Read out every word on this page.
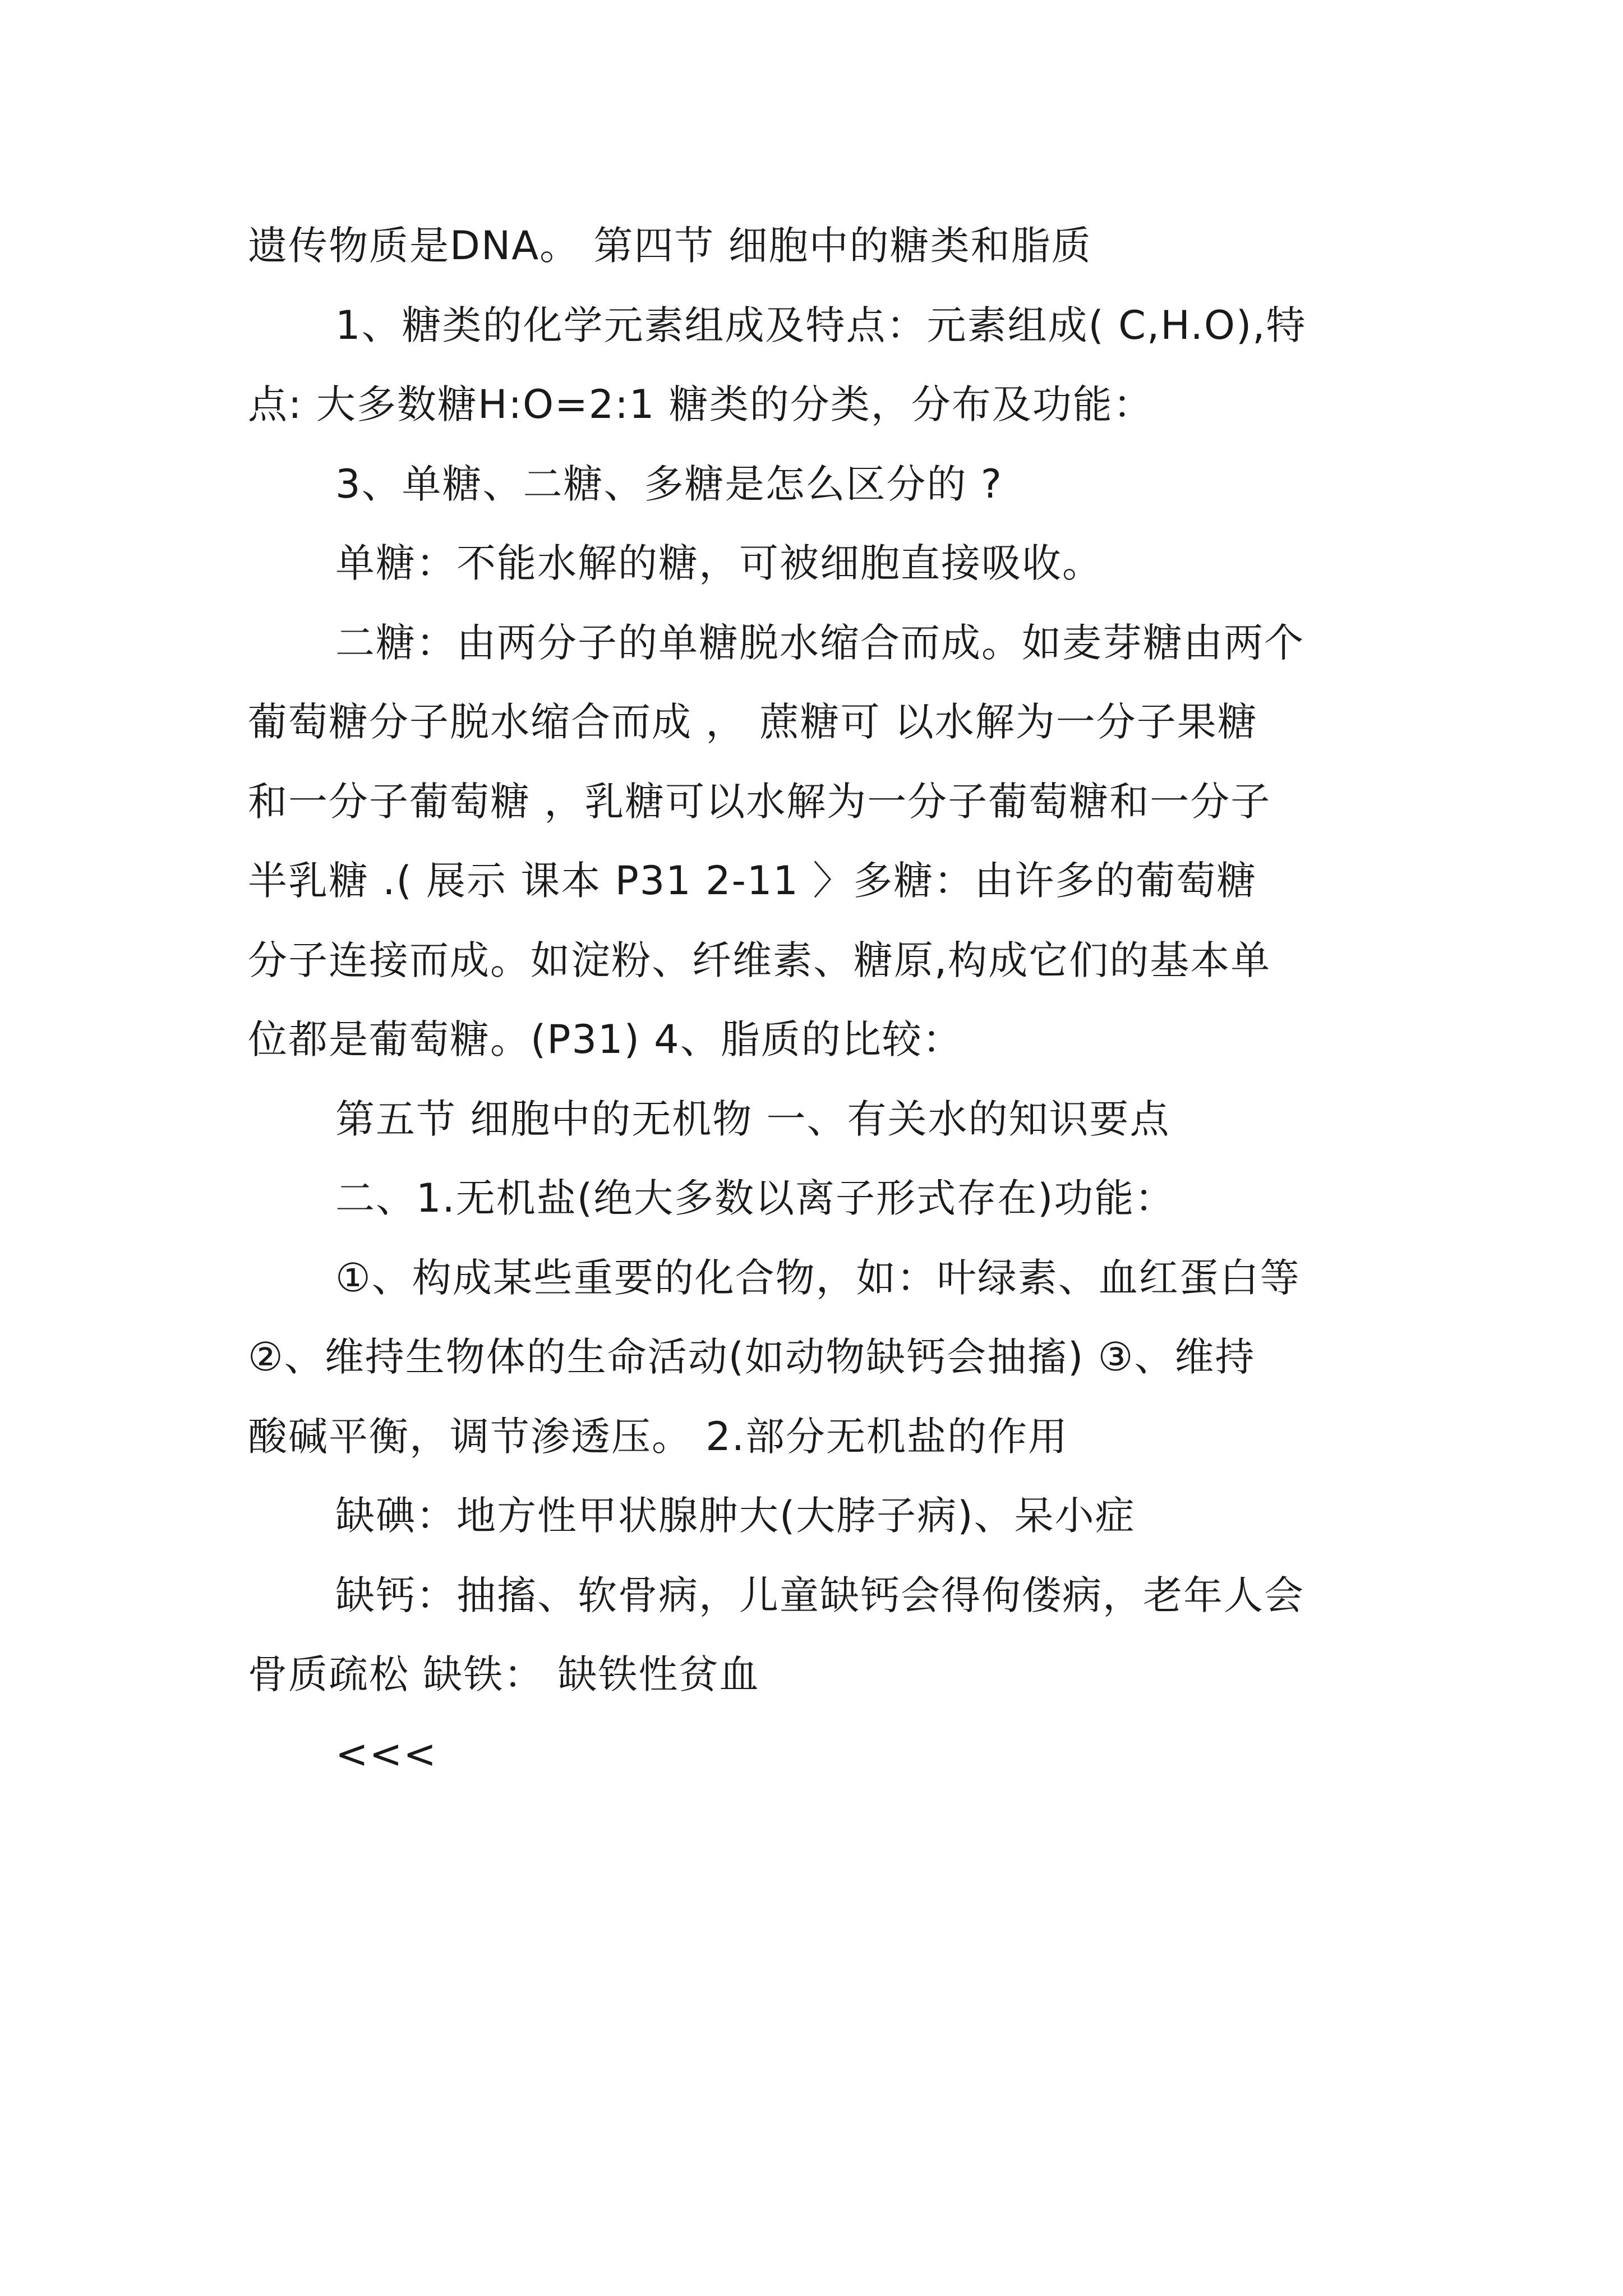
遗传物质是DNA。 第四节 细胞中的糖类和脂质
1、糖类的化学元素组成及特点：元素组成( C,H.O),特
点: 大多数糖H:O=2:1 糖类的分类，分布及功能：
3、单糖、二糖、多糖是怎么区分的 ?
单糖：不能水解的糖，可被细胞直接吸收。
二糖：由两分子的单糖脱水缩合而成。如麦芽糖由两个
葡萄糖分子脱水缩合而成 ， 蔗糖可 以水解为一分子果糖
和一分子葡萄糖 ，乳糖可以水解为一分子葡萄糖和一分子
半乳糖 .( 展示 课本 P31 2-11 〉多糖：由许多的葡萄糖
分子连接而成。如淀粉、纤维素、糖原,构成它们的基本单
位都是葡萄糖。(P31) 4、脂质的比较：
第五节 细胞中的无机物 一、有关水的知识要点
二、1.无机盐(绝大多数以离子形式存在)功能：
①、构成某些重要的化合物，如：叶绿素、血红蛋白等
②、维持生物体的生命活动(如动物缺钙会抽搐) ③、维持
酸碱平衡，调节渗透压。 2.部分无机盐的作用
缺碘：地方性甲状腺肿大(大脖子病)、呆小症
缺钙：抽搐、软骨病，儿童缺钙会得佝偻病，老年人会
骨质疏松 缺铁： 缺铁性贫血
<<<
